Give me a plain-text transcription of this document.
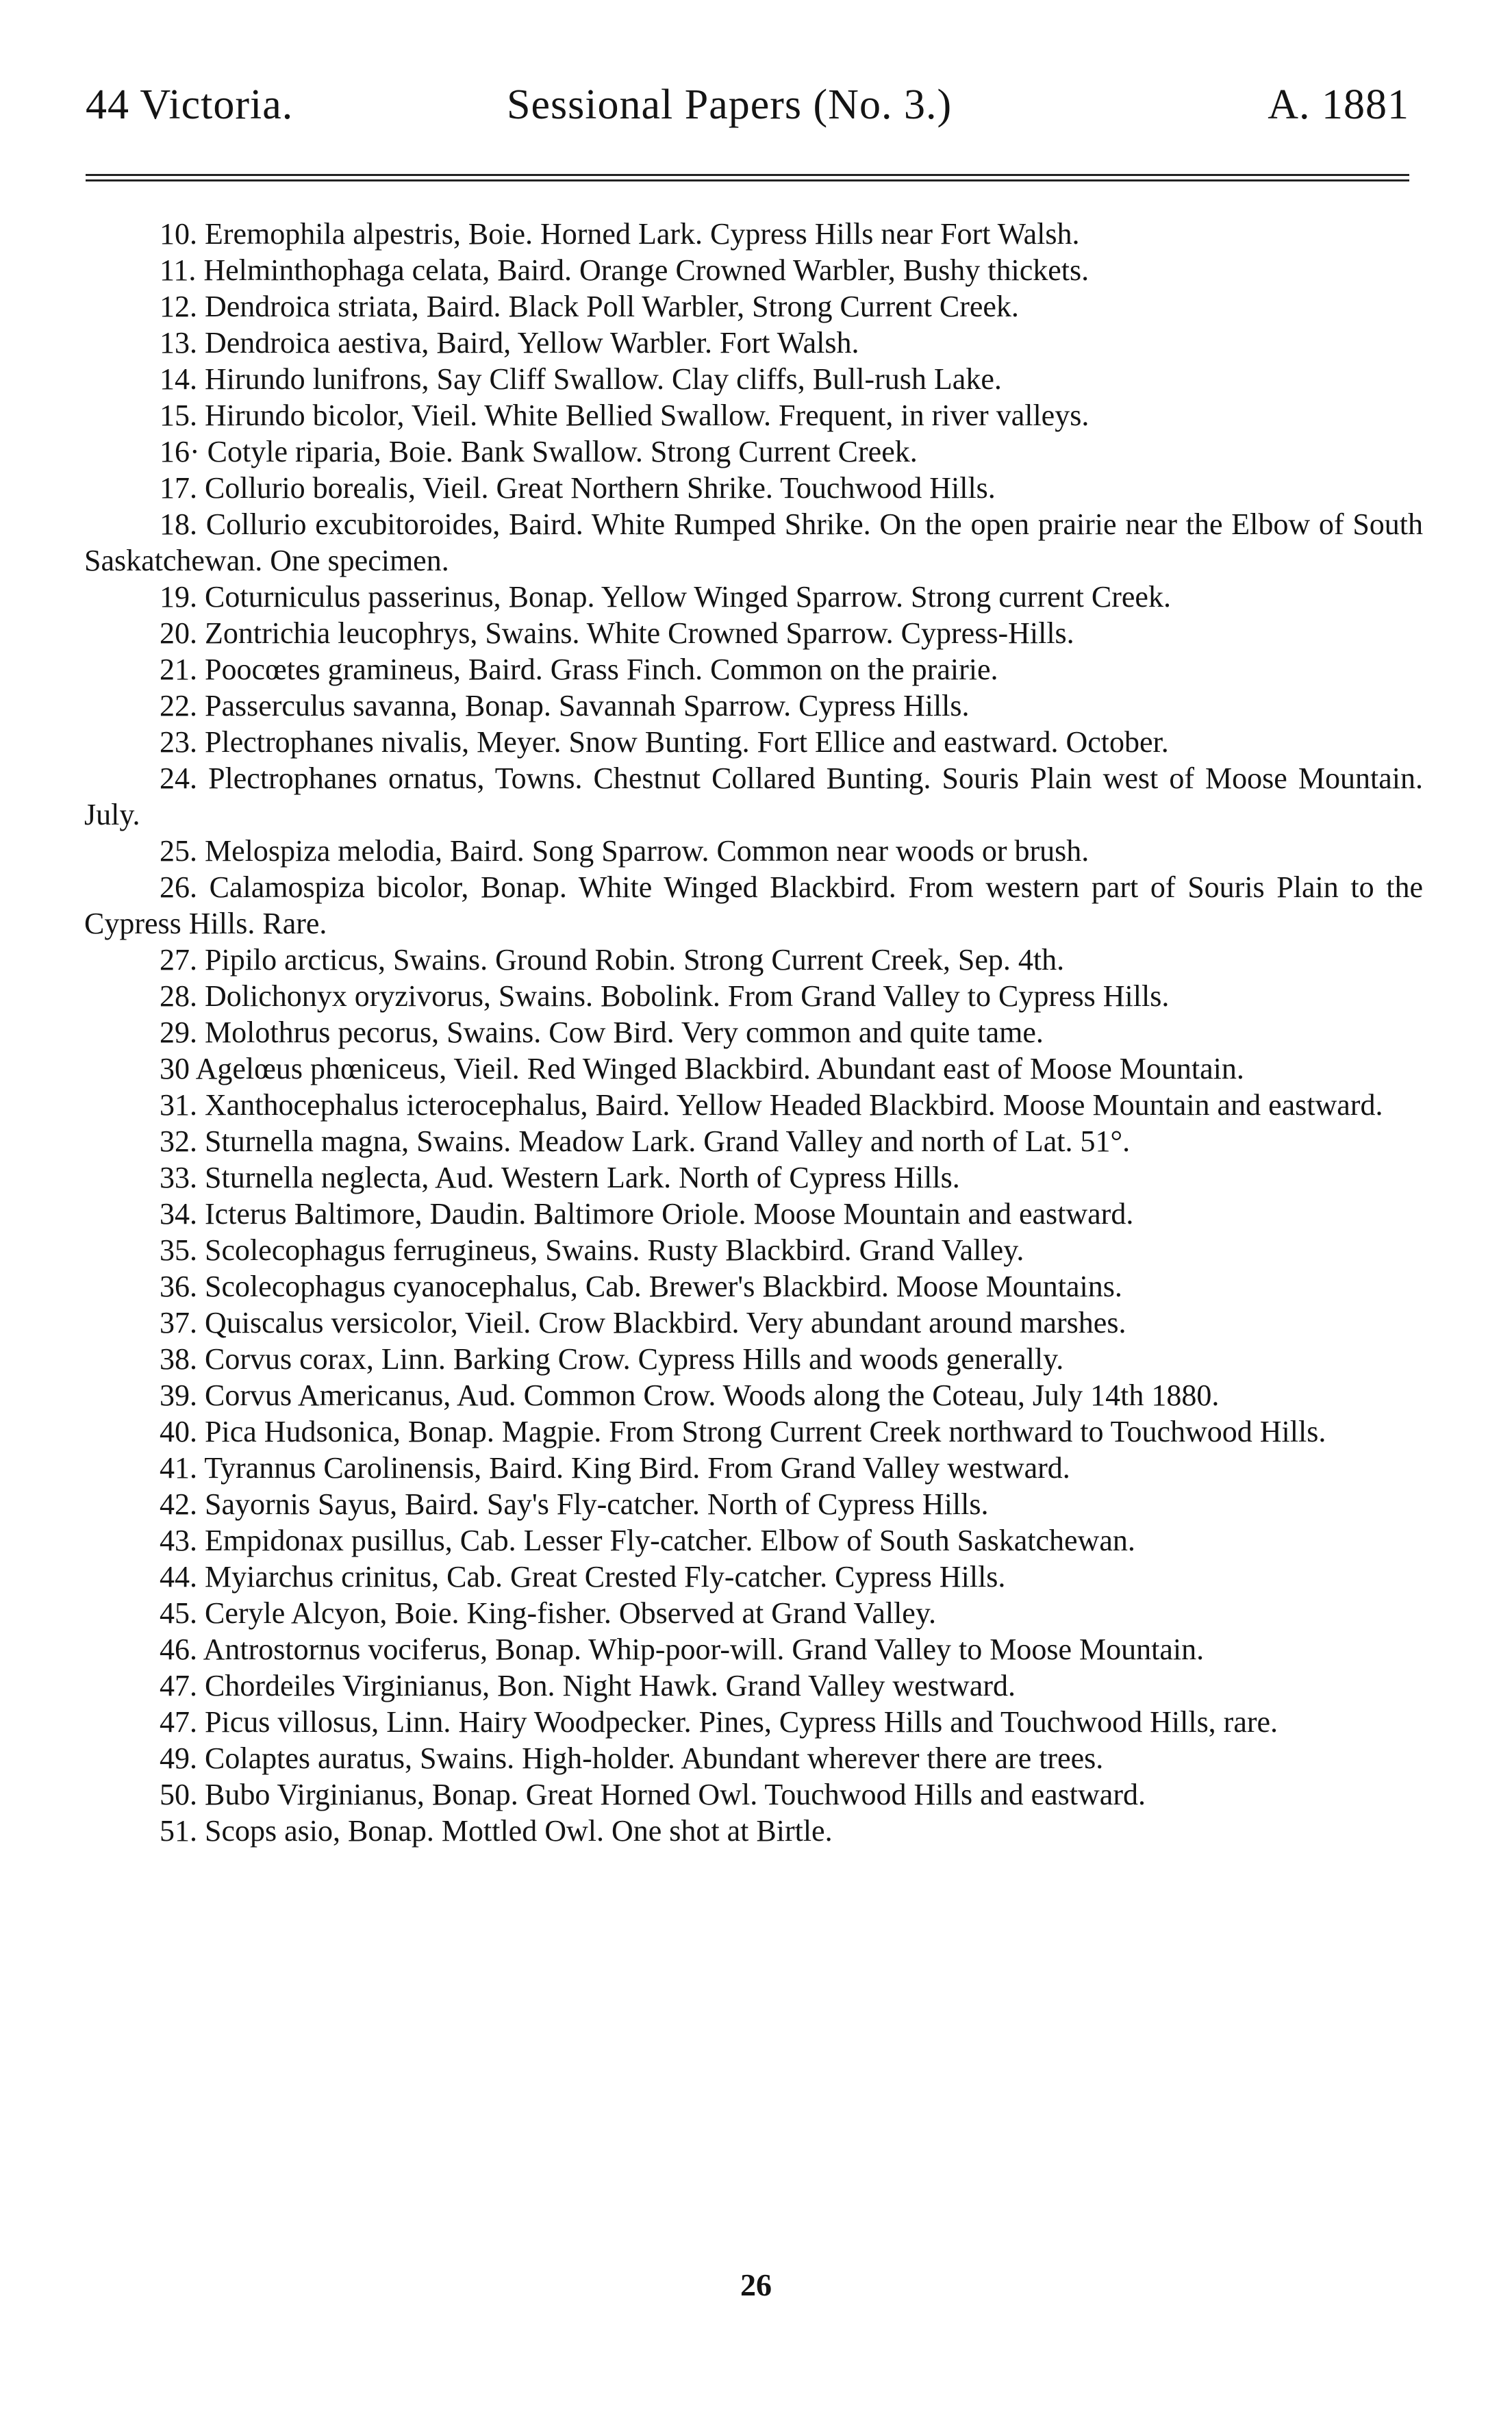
44 Victoria.	Sessional Papers (No. 3.)	A. 1881
10. Eremophila alpestris, Boie. Horned Lark. Cypress Hills near Fort Walsh.
11. Helminthophaga celata, Baird. Orange Crowned Warbler, Bushy thickets.
12. Dendroica striata, Baird. Black Poll Warbler, Strong Current Creek.
13. Dendroica aestiva, Baird, Yellow Warbler. Fort Walsh.
14. Hirundo lunifrons, Say Cliff Swallow. Clay cliffs, Bull-rush Lake.
15. Hirundo bicolor, Vieil. White Bellied Swallow. Frequent, in river valleys.
16· Cotyle riparia, Boie. Bank Swallow. Strong Current Creek.
17. Collurio borealis, Vieil. Great Northern Shrike. Touchwood Hills.
18. Collurio excubitoroides, Baird. White Rumped Shrike. On the open prairie near the Elbow of South Saskatchewan. One specimen.
19. Coturniculus passerinus, Bonap. Yellow Winged Sparrow. Strong current Creek.
20. Zontrichia leucophrys, Swains. White Crowned Sparrow. Cypress-Hills.
21. Poocœtes gramineus, Baird. Grass Finch. Common on the prairie.
22. Passerculus savanna, Bonap. Savannah Sparrow. Cypress Hills.
23. Plectrophanes nivalis, Meyer. Snow Bunting. Fort Ellice and eastward. October.
24. Plectrophanes ornatus, Towns. Chestnut Collared Bunting. Souris Plain west of Moose Mountain. July.
25. Melospiza melodia, Baird. Song Sparrow. Common near woods or brush.
26. Calamospiza bicolor, Bonap. White Winged Blackbird. From western part of Souris Plain to the Cypress Hills. Rare.
27. Pipilo arcticus, Swains. Ground Robin. Strong Current Creek, Sep. 4th.
28. Dolichonyx oryzivorus, Swains. Bobolink. From Grand Valley to Cypress Hills.
29. Molothrus pecorus, Swains. Cow Bird. Very common and quite tame.
30 Agelœus phœniceus, Vieil. Red Winged Blackbird. Abundant east of Moose Mountain.
31. Xanthocephalus icterocephalus, Baird. Yellow Headed Blackbird. Moose Mountain and eastward.
32. Sturnella magna, Swains. Meadow Lark. Grand Valley and north of Lat. 51°.
33. Sturnella neglecta, Aud. Western Lark. North of Cypress Hills.
34. Icterus Baltimore, Daudin. Baltimore Oriole. Moose Mountain and eastward.
35. Scolecophagus ferrugineus, Swains. Rusty Blackbird. Grand Valley.
36. Scolecophagus cyanocephalus, Cab. Brewer's Blackbird. Moose Mountains.
37. Quiscalus versicolor, Vieil. Crow Blackbird. Very abundant around marshes.
38. Corvus corax, Linn. Barking Crow. Cypress Hills and woods generally.
39. Corvus Americanus, Aud. Common Crow. Woods along the Coteau, July 14th 1880.
40. Pica Hudsonica, Bonap. Magpie. From Strong Current Creek northward to Touchwood Hills.
41. Tyrannus Carolinensis, Baird. King Bird. From Grand Valley westward.
42. Sayornis Sayus, Baird. Say's Fly-catcher. North of Cypress Hills.
43. Empidonax pusillus, Cab. Lesser Fly-catcher. Elbow of South Saskatchewan.
44. Myiarchus crinitus, Cab. Great Crested Fly-catcher. Cypress Hills.
45. Ceryle Alcyon, Boie. King-fisher. Observed at Grand Valley.
46. Antrostornus vociferus, Bonap. Whip-poor-will. Grand Valley to Moose Mountain.
47. Chordeiles Virginianus, Bon. Night Hawk. Grand Valley westward.
47. Picus villosus, Linn. Hairy Woodpecker. Pines, Cypress Hills and Touchwood Hills, rare.
49. Colaptes auratus, Swains. High-holder. Abundant wherever there are trees.
50. Bubo Virginianus, Bonap. Great Horned Owl. Touchwood Hills and eastward.
51. Scops asio, Bonap. Mottled Owl. One shot at Birtle.
26
